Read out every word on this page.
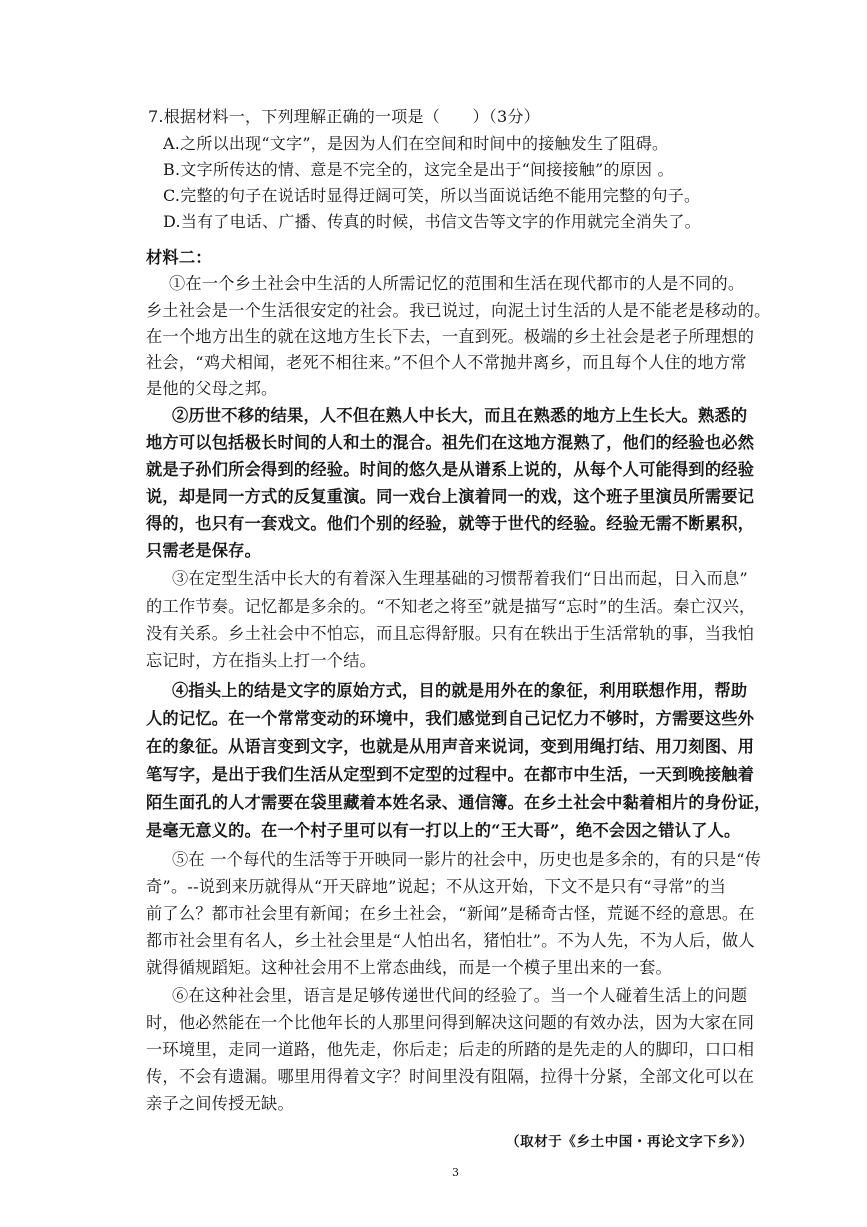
7.根据材料一，下列理解正确的一项是（　　）（3分）
A.之所以出现“文字”，是因为人们在空间和时间中的接触发生了阻碍。
B.文字所传达的情、意是不完全的，这完全是出于“间接接触”的原因 。
C.完整的句子在说话时显得迂阔可笑，所以当面说话绝不能用完整的句子。
D.当有了电话、广播、传真的时候，书信文告等文字的作用就完全消失了。
材料二：
①在一个乡土社会中生活的人所需记忆的范围和生活在现代都市的人是不同的。
乡土社会是一个生活很安定的社会。我已说过，向泥土讨生活的人是不能老是移动的。
在一个地方出生的就在这地方生长下去，一直到死。极端的乡土社会是老子所理想的
社会，“鸡犬相闻，老死不相往来。”不但个人不常抛井离乡，而且每个人住的地方常
是他的父母之邦。
②历世不移的结果，人不但在熟人中长大，而且在熟悉的地方上生长大。熟悉的
地方可以包括极长时间的人和土的混合。祖先们在这地方混熟了，他们的经验也必然
就是子孙们所会得到的经验。时间的悠久是从谱系上说的，从每个人可能得到的经验
说，却是同一方式的反复重演。同一戏台上演着同一的戏，这个班子里演员所需要记
得的，也只有一套戏文。他们个别的经验，就等于世代的经验。经验无需不断累积，
只需老是保存。
③在定型生活中长大的有着深入生理基础的习惯帮着我们“日出而起，日入而息”
的工作节奏。记忆都是多余的。“不知老之将至”就是描写“忘时”的生活。秦亡汉兴，
没有关系。乡土社会中不怕忘，而且忘得舒服。只有在轶出于生活常轨的事，当我怕
忘记时，方在指头上打一个结。
④指头上的结是文字的原始方式，目的就是用外在的象征，利用联想作用，帮助
人的记忆。在一个常常变动的环境中，我们感觉到自己记忆力不够时，方需要这些外
在的象征。从语言变到文字，也就是从用声音来说词，变到用绳打结、用刀刻图、用
笔写字，是出于我们生活从定型到不定型的过程中。在都市中生活，一天到晚接触着
陌生面孔的人才需要在袋里藏着本姓名录、通信簿。在乡土社会中黏着相片的身份证，
是毫无意义的。在一个村子里可以有一打以上的“王大哥”，绝不会因之错认了人。
⑤在 一个每代的生活等于开映同一影片的社会中，历史也是多余的，有的只是“传
奇”。--说到来历就得从“开天辟地”说起；不从这开始，下文不是只有“寻常”的当
前了么？都市社会里有新闻；在乡土社会，“新闻”是稀奇古怪，荒诞不经的意思。在
都市社会里有名人，乡土社会里是“人怕出名，猪怕壮”。不为人先，不为人后，做人
就得循规蹈矩。这种社会用不上常态曲线，而是一个模子里出来的一套。
⑥在这种社会里，语言是足够传递世代间的经验了。当一个人碰着生活上的问题
时，他必然能在一个比他年长的人那里问得到解决这问题的有效办法，因为大家在同
一环境里，走同一道路，他先走，你后走；后走的所踏的是先走的人的脚印，口口相
传，不会有遗漏。哪里用得着文字？时间里没有阻隔，拉得十分紧，全部文化可以在
亲子之间传授无缺。
（取材于《乡土中国・再论文字下乡》）
3
